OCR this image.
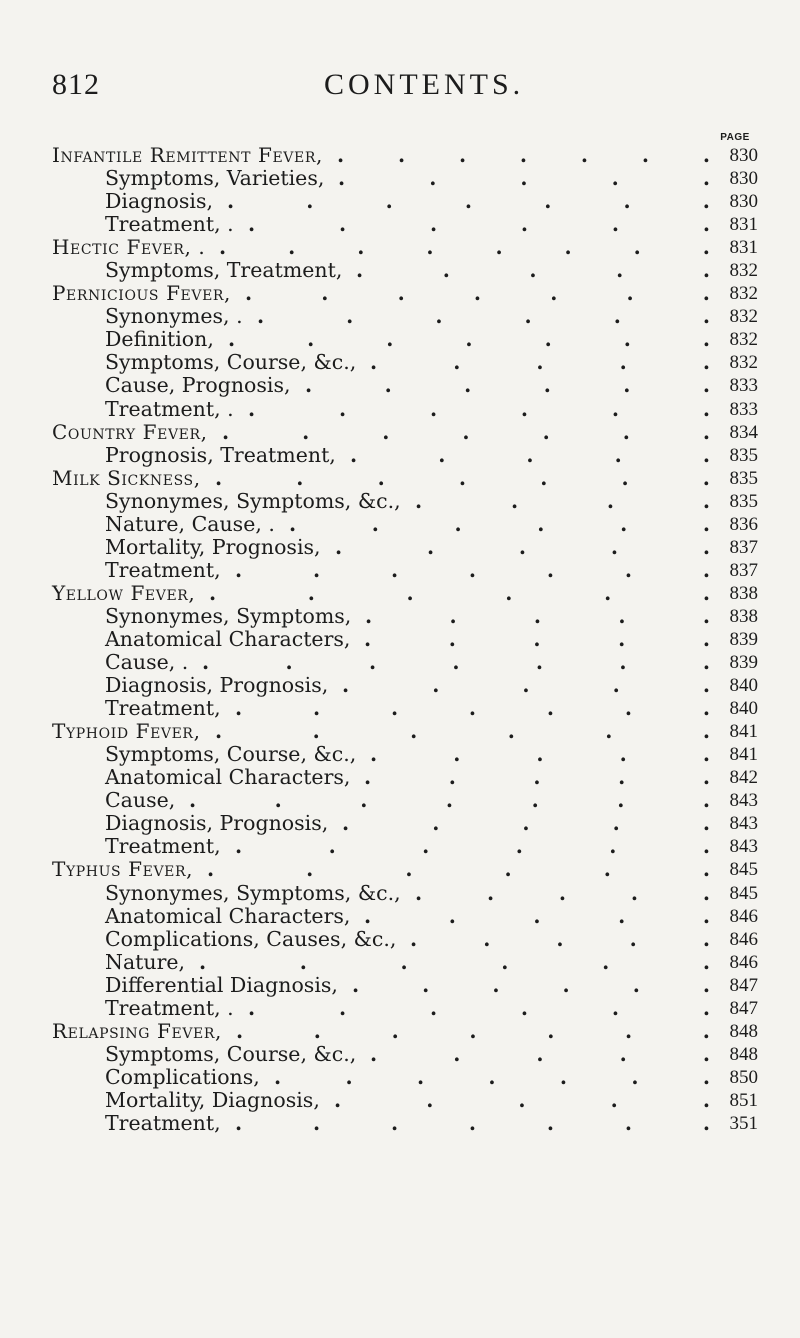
812	CONTENTS.
PAGE
Infantile Remittent Fever, .	.	.	.	.	.	.	830
Symptoms, Varieties, .	.	.	.	.	830
Diagnosis, .	.	.	.	.	.	.	830
Treatment, . .	.	.	.	.	.	831
Hectic Fever, . .	.	.	.	.	.	.	.	831
Symptoms, Treatment, .	.	.	.	.	832
Pernicious Fever, .	.	.	.	.	.	.	832
Synonymes, . .	.	.	.	.	.	832
Definition, .	.	.	.	.	.	.	832
Symptoms, Course, &c., .	.	.	.	.	832
Cause, Prognosis, .	.	.	.	.	.	833
Treatment, . .	.	.	.	.	.	833
Country Fever, .	.	.	.	.	.	.	834
Prognosis, Treatment, .	.	.	.	.	835
Milk Sickness, .	.	.	.	.	.	.	835
Synonymes, Symptoms, &c., .	.	.	.	835
Nature, Cause, . .	.	.	.	.	.	836
Mortality, Prognosis, .	.	.	.	.	837
Treatment, .	.	.	.	.	.	.	837
Yellow Fever, .	.	.	.	.	.	838
Synonymes, Symptoms, .	.	.	.	.	838
Anatomical Characters, .	.	.	.	.	839
Cause, . .	.	.	.	.	.	.	839
Diagnosis, Prognosis, .	.	.	.	.	840
Treatment, .	.	.	.	.	.	.	840
Typhoid Fever, .	.	.	.	.	.	841
Symptoms, Course, &c., .	.	.	.	.	841
Anatomical Characters, .	.	.	.	.	842
Cause, .	.	.	.	.	.	.	843
Diagnosis, Prognosis, .	.	.	.	.	843
Treatment, .	.	.	.	.	.	843
Typhus Fever, .	.	.	.	.	.	845
Synonymes, Symptoms, &c., .	.	.	.	.	845
Anatomical Characters, .	.	.	.	.	846
Complications, Causes, &c., .	.	.	.	.	846
Nature, .	.	.	.	.	.	846
Differential Diagnosis, .	.	.	.	.	.	847
Treatment, . .	.	.	.	.	.	847
Relapsing Fever, .	.	.	.	.	.	.	848
Symptoms, Course, &c., .	.	.	.	.	848
Complications, .	.	.	.	.	.	.	850
Mortality, Diagnosis, .	.	.	.	.	851
Treatment, .	.	.	.	.	.	.	351
